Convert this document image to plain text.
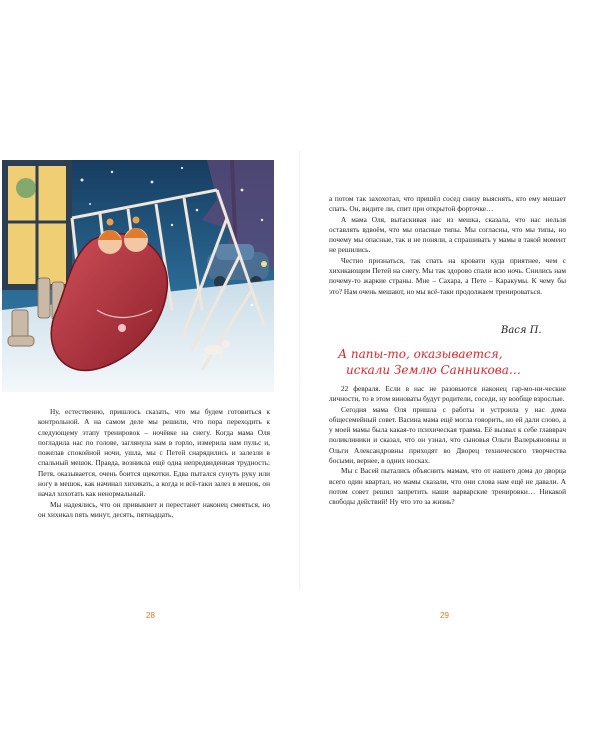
Ну, естественно, пришлось сказать, что мы будем готовиться к контрольной. А на самом деле мы решили, что пора переходить к следующему этапу тренировок – ночёвке на снегу. Когда мама Оля погладила нас по голове, заглянула нам в горло, измерила нам пульс и, пожелав спокойной ночи, ушла, мы с Петей снарядились и залезли в спальный мешок. Правда, возникла ещё одна непредвиденная трудность: Петя, оказывается, очень боится щекотки. Едва пытался сунуть руку или ногу в мешок, как начинал хихикать, а когда и всё-таки залез в мешок, он начал хохотать как ненормальный.

Мы надеялись, что он привыкнет и перестанет наконец смеяться, но он хихикал пять минут, десять, пятнадцать,

28

а потом так захохотал, что пришёл сосед снизу выяснять, кто ему мешает спать. Он, видите ли, спит при открытой форточке…

А мама Оля, вытаскивая нас из мешка, сказала, что нас нельзя оставлять вдвоём, что мы опасные типы. Мы согласны, что мы типы, но почему мы опасные, так и не поняли, а спрашивать у мамы в такой момент не решились.

Честно признаться, так спать на кровати куда приятнее, чем с хихикающим Петей на снегу. Мы так здорово спали всю ночь. Снились нам почему-то жаркие страны. Мне – Сахара, а Пете – Каракумы. К чему бы это? Нам очень мешают, но мы всё-таки продолжаем тренироваться.

Вася П.
А папы-то, оказывается,
искали Землю Санникова…

22 февраля. Если в нас не разовьются наконец гар-мо-ни-ческие личности, то в этом виноваты будут родители, соседи, ну вообще взрослые.

Сегодня мама Оля пришла с работы и устроила у нас дома общесемейный совет. Васина мама ещё могла говорить, но ей дали слово, а у моей мамы была какая-то психическая травма. Её вызвал к себе главврач поликлиники и сказал, что он узнал, что сыновья Ольги Валерьяновны и Ольги Александровны приходят во Дворец технического творчества босыми, вернее, в одних носках.

Мы с Васей пытались объяснить мамам, что от нашего дома до дворца всего один квартал, но мамы сказали, что они слова нам ещё не давали. А потом совет решил запретить наши варварские тренировки… Никакой свободы действий! Ну что это за жизнь?

29
